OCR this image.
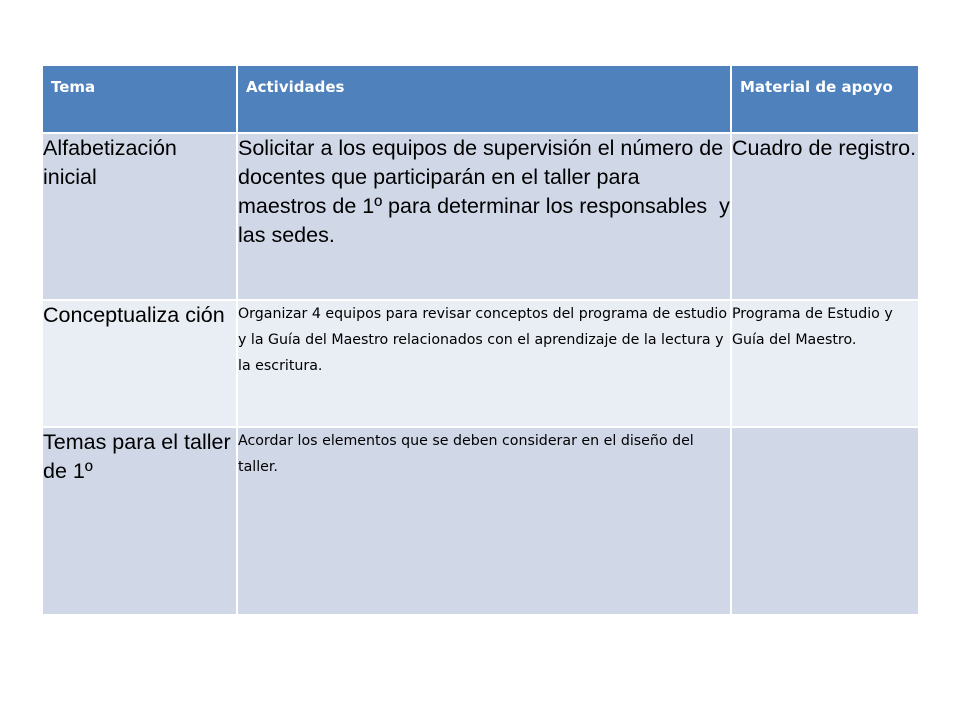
Tema	Actividades	Material de apoyo
Alfabetización inicial	Solicitar a los equipos de supervisión el número de docentes que participarán en el taller para maestros de 1º para determinar los responsables  y las sedes.	Cuadro de registro.
Conceptualiza ción	Organizar 4 equipos para revisar conceptos del programa de estudio y la Guía del Maestro relacionados con el aprendizaje de la lectura y la escritura.	Programa de Estudio y Guía del Maestro.
Temas para el taller de 1º	Acordar los elementos que se deben considerar en el diseño del taller.	
